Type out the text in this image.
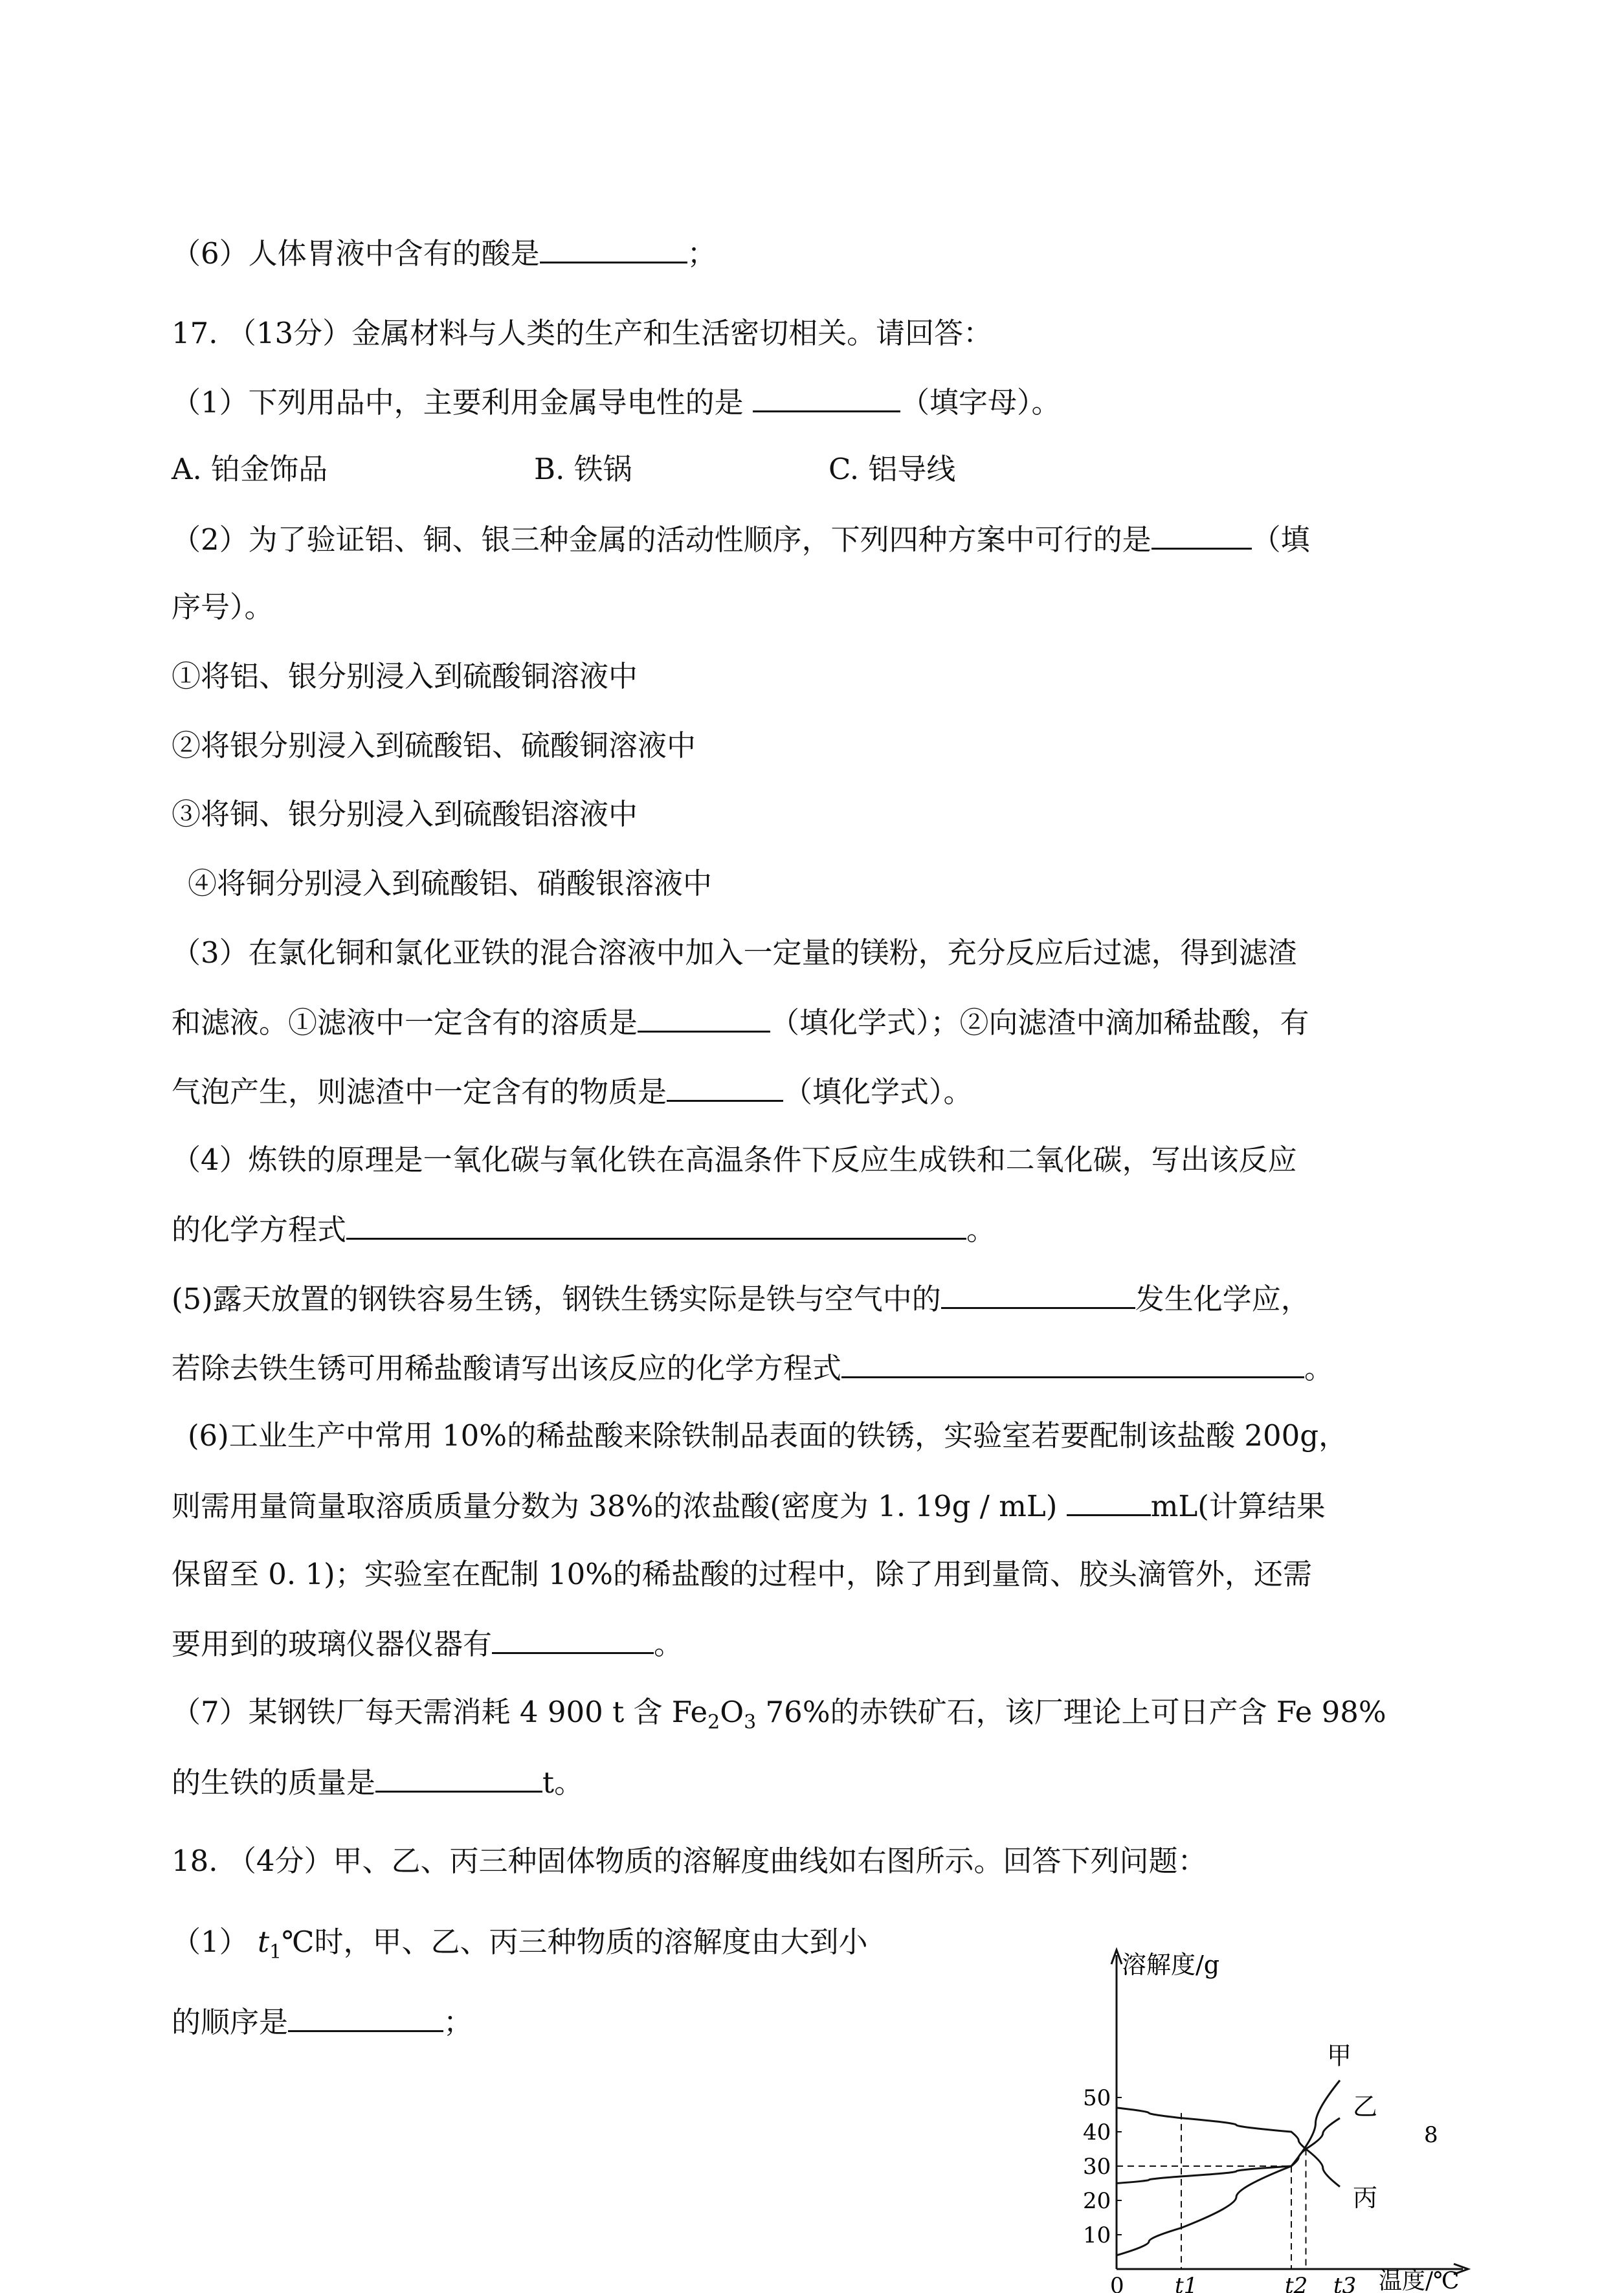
（6）人体胃液中含有的酸是	；
17. （13分）金属材料与人类的生产和生活密切相关。请回答：
（1）下列用品中，主要利用金属导电性的是	（填字母）。
A. 铂金饰品	B. 铁锅	C. 铝导线
（2）为了验证铝、铜、银三种金属的活动性顺序，下列四种方案中可行的是	（填
序号）。
①将铝、银分别浸入到硫酸铜溶液中
②将银分别浸入到硫酸铝、硫酸铜溶液中
③将铜、银分别浸入到硫酸铝溶液中
④将铜分别浸入到硫酸铝、硝酸银溶液中
（3）在氯化铜和氯化亚铁的混合溶液中加入一定量的镁粉，充分反应后过滤，得到滤渣
和滤液。①滤液中一定含有的溶质是	（填化学式）；②向滤渣中滴加稀盐酸，有
气泡产生，则滤渣中一定含有的物质是	（填化学式）。
（4）炼铁的原理是一氧化碳与氧化铁在高温条件下反应生成铁和二氧化碳，写出该反应
的化学方程式	。
(5)露天放置的钢铁容易生锈，钢铁生锈实际是铁与空气中的	发生化学应，
若除去铁生锈可用稀盐酸请写出该反应的化学方程式	。
(6)工业生产中常用 10%的稀盐酸来除铁制品表面的铁锈，实验室若要配制该盐酸 200g，
则需用量筒量取溶质质量分数为 38%的浓盐酸(密度为 1. 19g / mL)	mL(计算结果
保留至 0. 1)；实验室在配制 10%的稀盐酸的过程中，除了用到量筒、胶头滴管外，还需
要用到的玻璃仪器仪器有	。
（7）某钢铁厂每天需消耗 4 900 t 含 $Fe_2O_3$ 76%的赤铁矿石，该厂理论上可日产含 Fe 98%
的生铁的质量是	t。
18. （4分）甲、乙、丙三种固体物质的溶解度曲线如右图所示。回答下列问题：
（1） $t_1℃$时，甲、乙、丙三种物质的溶解度由大到小
的顺序是	；
溶解度/g
温度/℃
10
20
30
40
50
0 t1	t2 t3
甲
乙
丙
8
